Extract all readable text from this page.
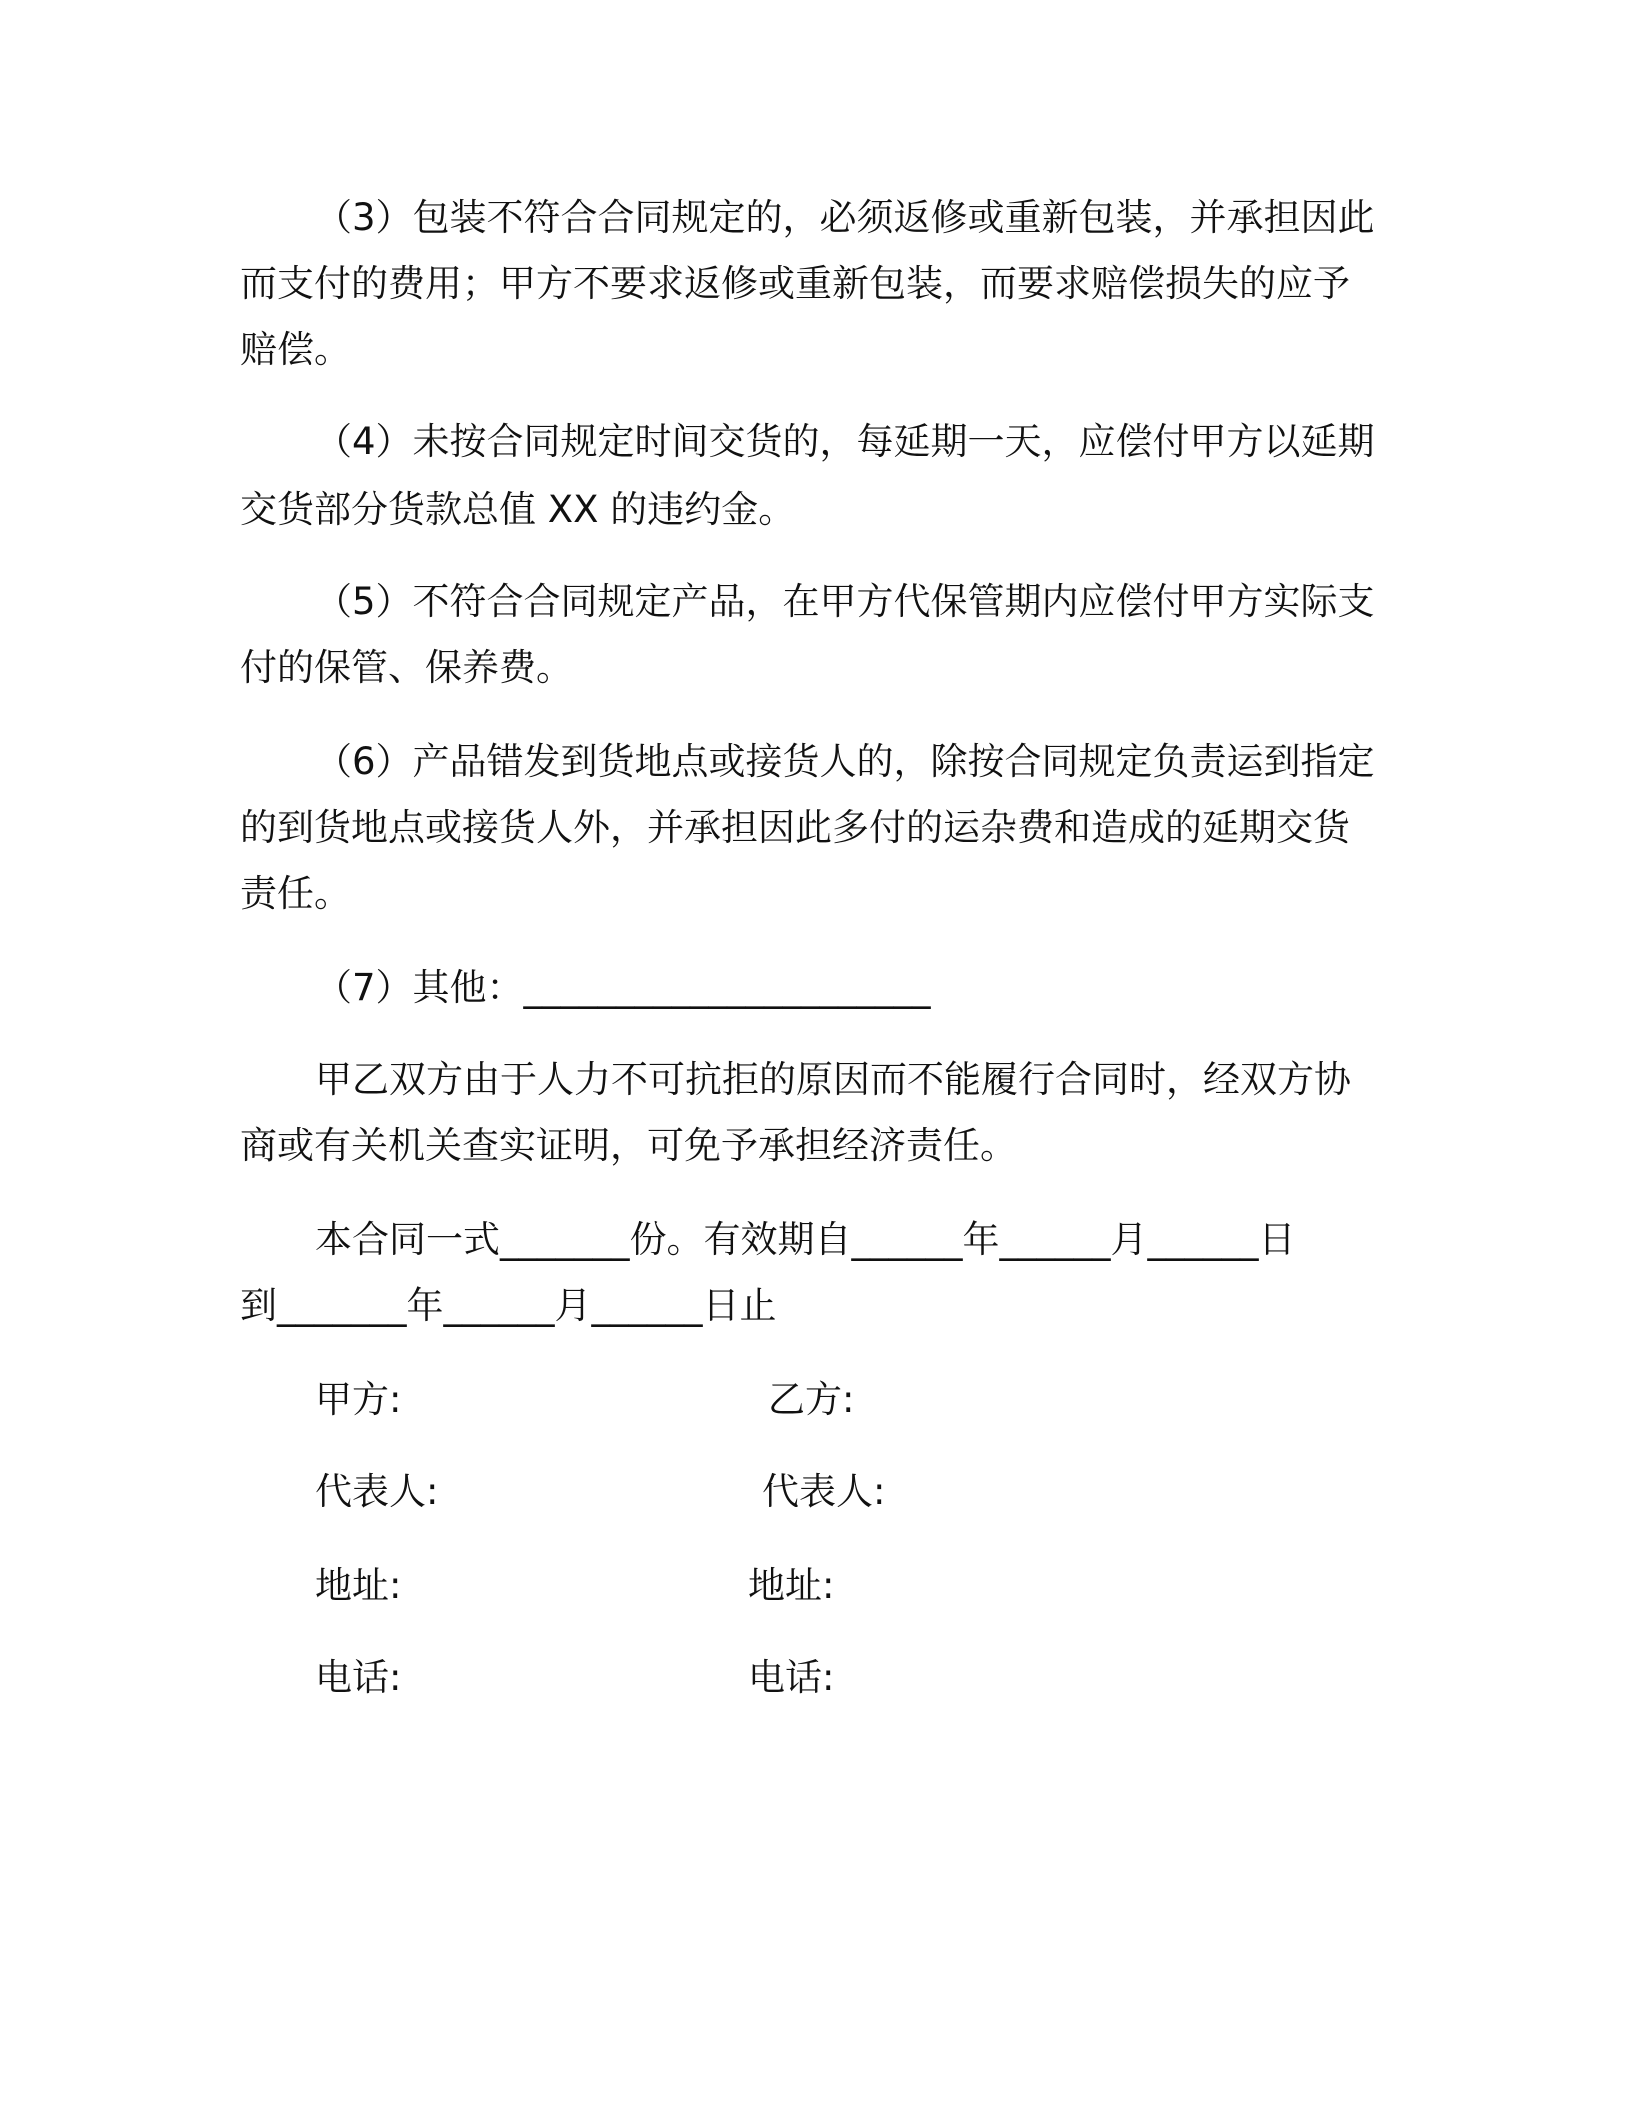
（3）包装不符合合同规定的，必须返修或重新包装，并承担因此
而支付的费用；甲方不要求返修或重新包装，而要求赔偿损失的应予
赔偿。
（4）未按合同规定时间交货的，每延期一天，应偿付甲方以延期
交货部分货款总值 XX 的违约金。
（5）不符合合同规定产品，在甲方代保管期内应偿付甲方实际支
付的保管、保养费。
（6）产品错发到货地点或接货人的，除按合同规定负责运到指定
的到货地点或接货人外，并承担因此多付的运杂费和造成的延期交货
责任。
（7）其他：______________________
甲乙双方由于人力不可抗拒的原因而不能履行合同时，经双方协
商或有关机关查实证明，可免予承担经济责任。
本合同一式_______份。有效期自______年______月______日
到_______年______月______日止
甲方:
代表人:
地址:
电话:
乙方:
代表人:
地址:
电话:
